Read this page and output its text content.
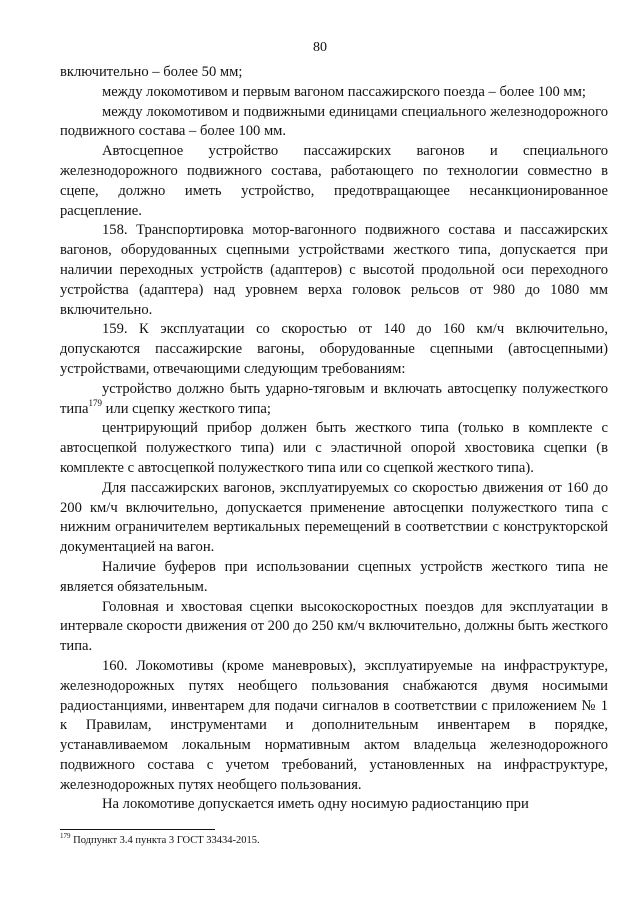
80

включительно – более 50 мм;

между локомотивом и первым вагоном пассажирского поезда – более 100 мм;

между локомотивом и подвижными единицами специального железнодорожного подвижного состава – более 100 мм.

Автосцепное устройство пассажирских вагонов и специального железнодорожного подвижного состава, работающего по технологии совместно в сцепе, должно иметь устройство, предотвращающее несанкционированное расцепление.

158. Транспортировка мотор-вагонного подвижного состава и пассажирских вагонов, оборудованных сцепными устройствами жесткого типа, допускается при наличии переходных устройств (адаптеров) с высотой продольной оси переходного устройства (адаптера) над уровнем верха головок рельсов от 980 до 1080 мм включительно.

159. К эксплуатации со скоростью от 140 до 160 км/ч включительно, допускаются пассажирские вагоны, оборудованные сцепными (автосцепными) устройствами, отвечающими следующим требованиям:

устройство должно быть ударно-тяговым и включать автосцепку полужесткого типа$^{179}$ или сцепку жесткого типа;

центрирующий прибор должен быть жесткого типа (только в комплекте с автосцепкой полужесткого типа) или с эластичной опорой хвостовика сцепки (в комплекте с автосцепкой полужесткого типа или со сцепкой жесткого типа).

Для пассажирских вагонов, эксплуатируемых со скоростью движения от 160 до 200 км/ч включительно, допускается применение автосцепки полужесткого типа с нижним ограничителем вертикальных перемещений в соответствии с конструкторской документацией на вагон.

Наличие буферов при использовании сцепных устройств жесткого типа не является обязательным.

Головная и хвостовая сцепки высокоскоростных поездов для эксплуатации в интервале скорости движения от 200 до 250 км/ч включительно, должны быть жесткого типа.

160. Локомотивы (кроме маневровых), эксплуатируемые на инфраструктуре, железнодорожных путях необщего пользования снабжаются двумя носимыми радиостанциями, инвентарем для подачи сигналов в соответствии с приложением № 1 к Правилам, инструментами и дополнительным инвентарем в порядке, устанавливаемом локальным нормативным актом владельца железнодорожного подвижного состава с учетом требований, установленных на инфраструктуре, железнодорожных путях необщего пользования.

На локомотиве допускается иметь одну носимую радиостанцию при

$^{179}$ Подпункт 3.4 пункта 3 ГОСТ 33434-2015.
